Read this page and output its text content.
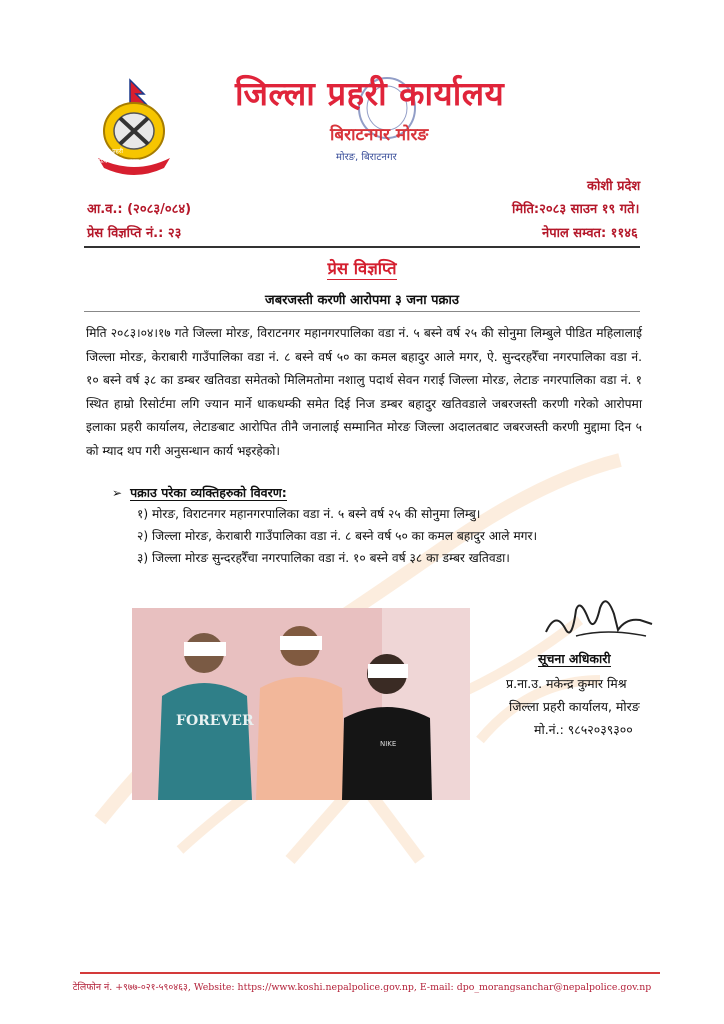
नेपाल प्रहरी
सत्य सेवा सुरक्षणम्
जिल्ला प्रहरी कार्यालय
बिराटनगर मोरङ
मोरङ, बिराटनगर
कोशी प्रदेश
आ.व.: (२०८३/०८४)	मिति:२०८३ साउन १९ गते।
प्रेस विज्ञप्ति नं.: २३	नेपाल सम्वत: ११४६
प्रेस विज्ञप्ति
जबरजस्ती करणी आरोपमा ३ जना पक्राउ
मिति २०८३।०४।१७ गते जिल्ला मोरङ, विराटनगर महानगरपालिका वडा नं. ५ बस्ने वर्ष २५ की सोनुमा लिम्बुले पीडित महिलालाई जिल्ला मोरङ, केराबारी गाउँपालिका वडा नं. ८ बस्ने वर्ष ५० का कमल बहादुर आले मगर, ऐ. सुन्दरहरैँचा नगरपालिका वडा नं. १० बस्ने वर्ष ३८ का डम्बर खतिवडा समेतको मिलिमतोमा नशालु पदार्थ सेवन गराई जिल्ला मोरङ, लेटाङ नगरपालिका वडा नं. १ स्थित हाम्रो रिसोर्टमा लगि ज्यान मार्ने धाकधम्की समेत दिई निज डम्बर बहादुर खतिवडाले जबरजस्ती करणी गरेको आरोपमा इलाका प्रहरी कार्यालय, लेटाङबाट आरोपित तीनै जनालाई सम्मानित मोरङ जिल्ला अदालतबाट जबरजस्ती करणी मुद्दामा दिन ५ को म्याद थप गरी अनुसन्धान कार्य भइरहेको।
➢ पक्राउ परेका व्यक्तिहरुको विवरण:
१) मोरङ, विराटनगर महानगरपालिका वडा नं. ५ बस्ने वर्ष २५ की सोनुमा लिम्बु।
२) जिल्ला मोरङ, केराबारी गाउँपालिका वडा नं. ८ बस्ने वर्ष ५० का कमल बहादुर आले मगर।
३) जिल्ला मोरङ सुन्दरहरैँचा नगरपालिका वडा नं. १० बस्ने वर्ष ३८ का डम्बर खतिवडा।
FOREVER
NIKE
सूचना अधिकारी
प्र.ना.उ. मकेन्द्र कुमार मिश्र
जिल्ला प्रहरी कार्यालय, मोरङ
मो.नं.: ९८५२०३९३००
टेलिफोन नं. +९७७-०२१-५९०४६३, Website: https://www.koshi.nepalpolice.gov.np, E-mail: dpo_morangsanchar@nepalpolice.gov.np
